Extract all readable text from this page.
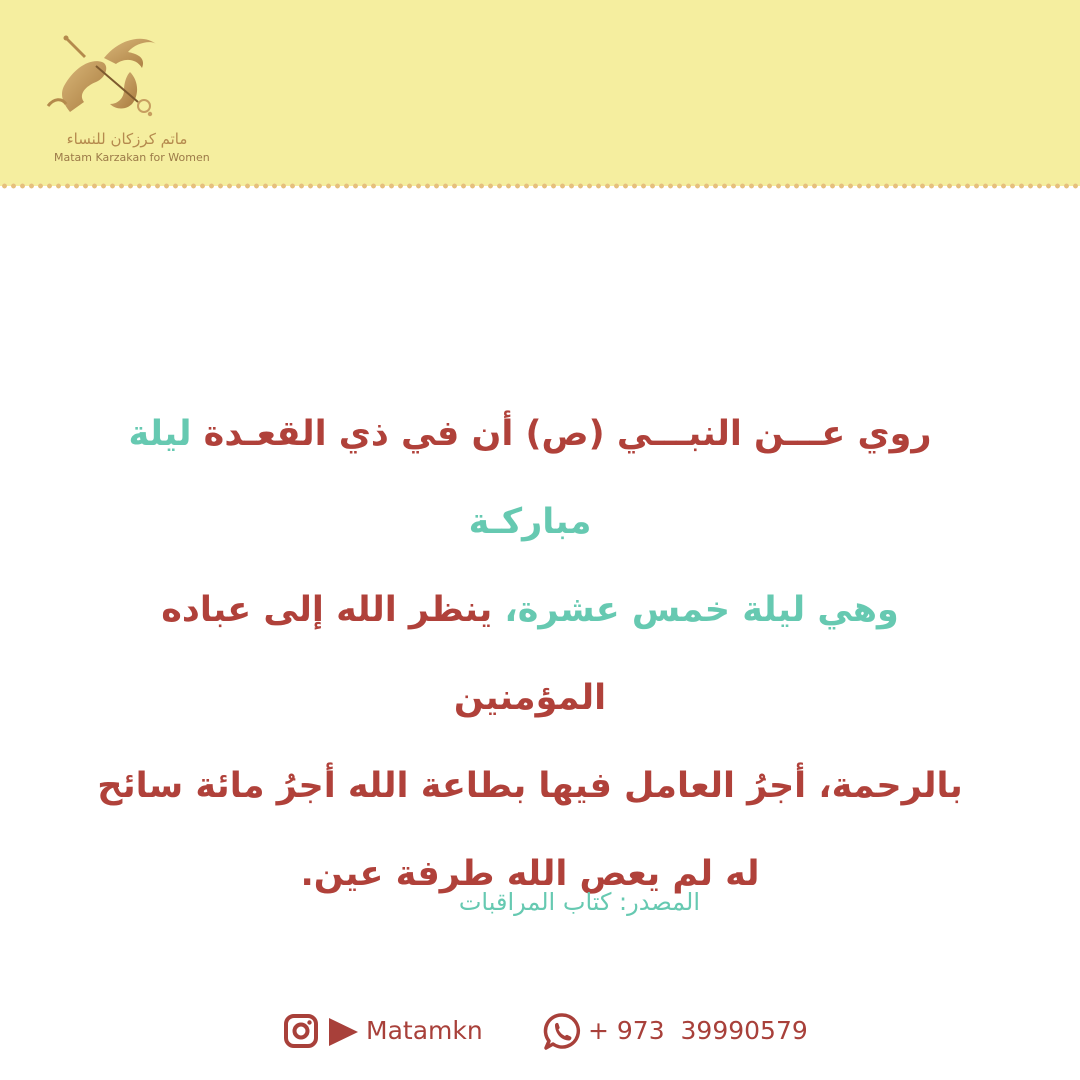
ماتم كرزكان للنساء
Matam Karzakan for Women
روي عـــن النبـــي (ص) أن في ذي القعـدة ليلة مباركـة
وهي ليلة خمس عشرة، ينظر الله إلى عباده المؤمنين
بالرحمة، أجرُ العامل فيها بطاعة الله أجرُ مائة سائح
له لم يعص الله طرفة عين.
المصدر: كتاب المراقبات
Matamkn	+ 973  39990579
